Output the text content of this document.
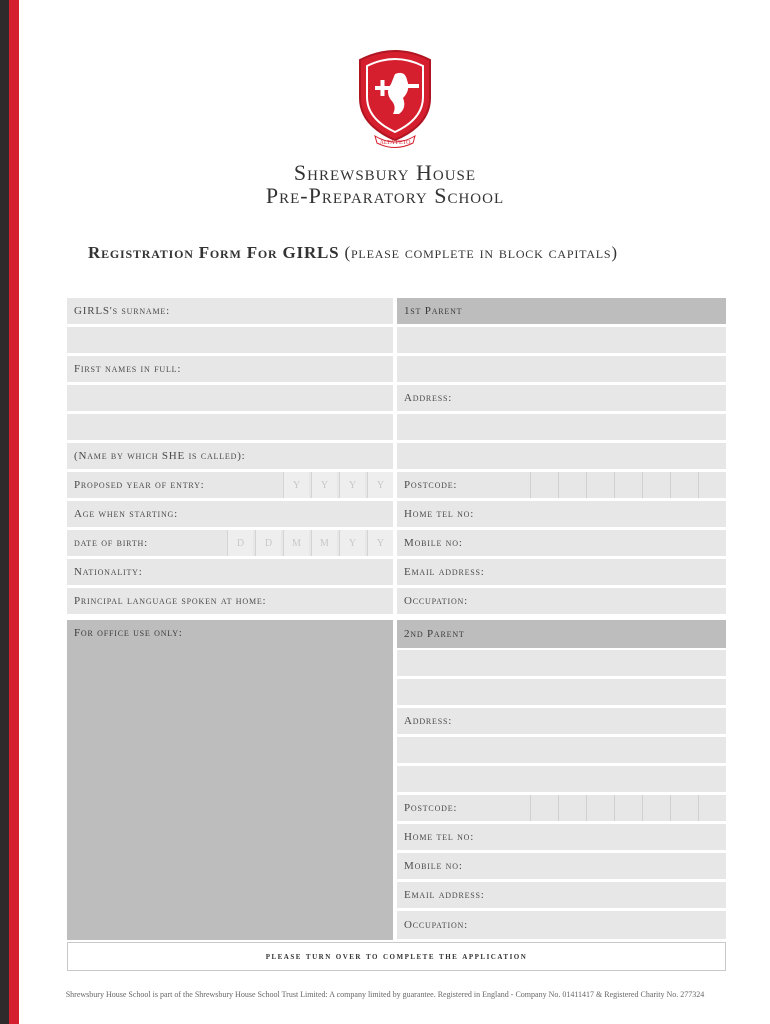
ALTA PETO
Shrewsbury House
Pre-Preparatory School
Registration Form For GIRLS (please complete in block capitals)
GIRLS's surname:
First names in full:
(Name by which SHE is called):
Proposed year of entry:	Y	Y	Y	Y
Age when starting:
date of birth:	D	D	M	M	Y	Y
Nationality:
Principal language spoken at home:
For office use only:
1st Parent
Address:
Postcode:
Home tel no:
Mobile no:
Email address:
Occupation:
2nd Parent
Address:
Postcode:
Home tel no:
Mobile no:
Email address:
Occupation:
please turn over to complete the application
Shrewsbury House School is part of the Shrewsbury House School Trust Limited: A company limited by guarantee. Registered in England - Company No. 01411417 & Registered Charity No. 277324
